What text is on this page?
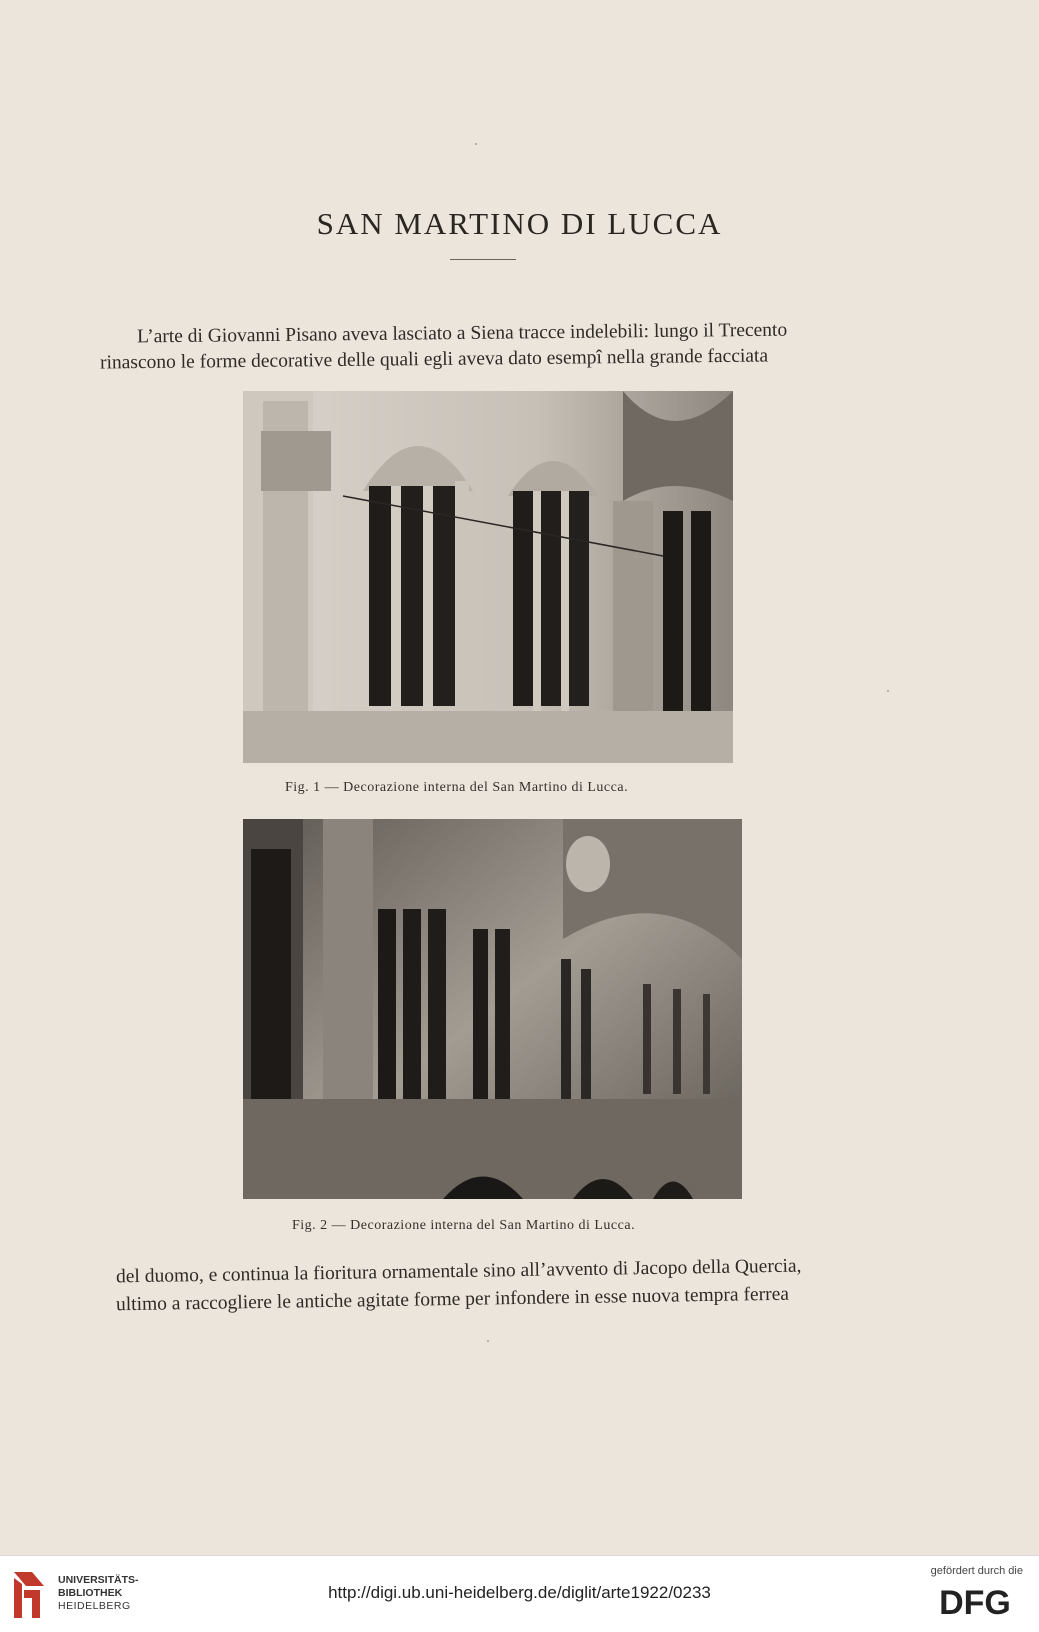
SAN MARTINO DI LUCCA
L’arte di Giovanni Pisano aveva lasciato a Siena tracce indelebili: lungo il Trecento
rinascono le forme decorative delle quali egli aveva dato esempî nella grande facciata
Fig. 1 — Decorazione interna del San Martino di Lucca.
Fig. 2 — Decorazione interna del San Martino di Lucca.
del duomo, e continua la fioritura ornamentale sino all’avvento di Jacopo della Quercia,
ultimo a raccogliere le antiche agitate forme per infondere in esse nuova tempra ferrea
UNIVERSITÄTS-
BIBLIOTHEK
HEIDELBERG
http://digi.ub.uni-heidelberg.de/diglit/arte1922/0233
gefördert durch die
DFG
